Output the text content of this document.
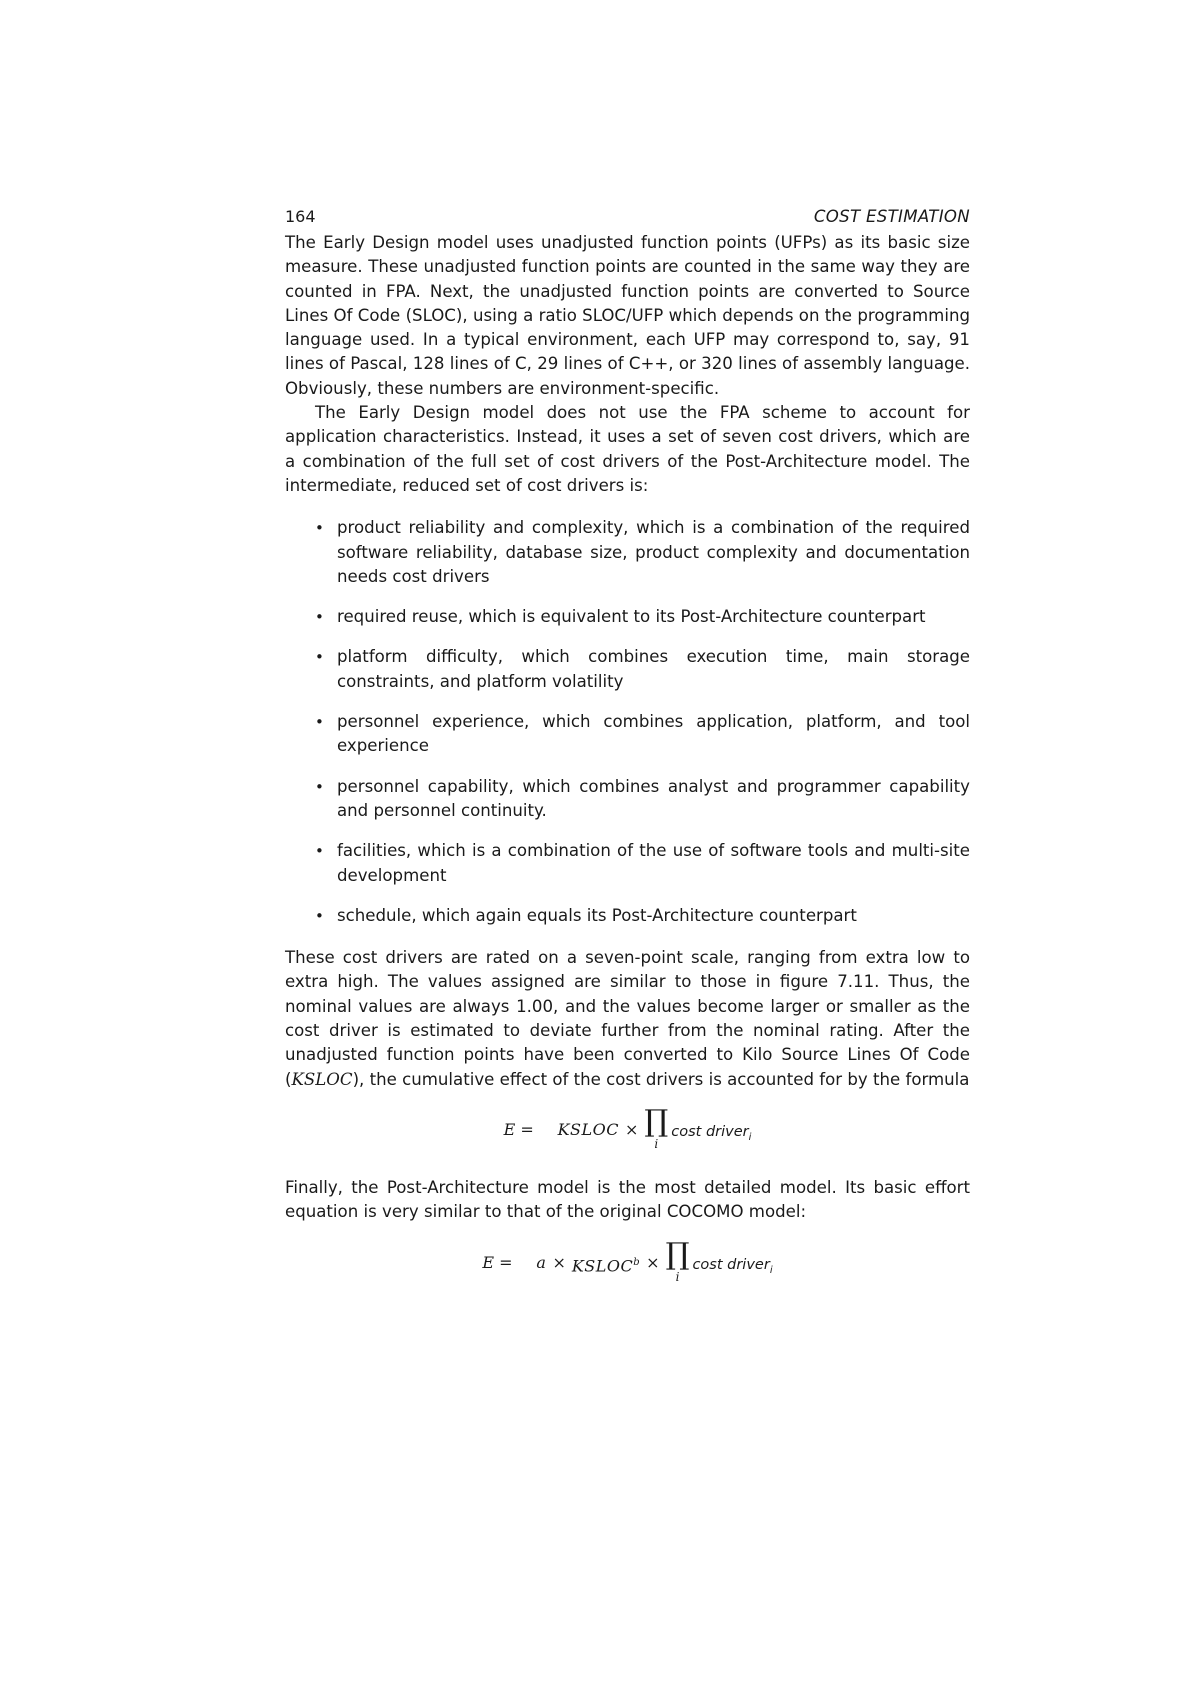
164	COST ESTIMATION

The Early Design model uses unadjusted function points (UFPs) as its basic size measure. These unadjusted function points are counted in the same way they are counted in FPA. Next, the unadjusted function points are converted to Source Lines Of Code (SLOC), using a ratio SLOC/UFP which depends on the programming language used. In a typical environment, each UFP may correspond to, say, 91 lines of Pascal, 128 lines of C, 29 lines of C++, or 320 lines of assembly language. Obviously, these numbers are environment-specific.

The Early Design model does not use the FPA scheme to account for application characteristics. Instead, it uses a set of seven cost drivers, which are a combination of the full set of cost drivers of the Post-Architecture model. The intermediate, reduced set of cost drivers is:

• product reliability and complexity, which is a combination of the required software reliability, database size, product complexity and documentation needs cost drivers
• required reuse, which is equivalent to its Post-Architecture counterpart
• platform difficulty, which combines execution time, main storage constraints, and platform volatility
• personnel experience, which combines application, platform, and tool experience
• personnel capability, which combines analyst and programmer capability and personnel continuity.
• facilities, which is a combination of the use of software tools and multi-site development
• schedule, which again equals its Post-Architecture counterpart

These cost drivers are rated on a seven-point scale, ranging from extra low to extra high. The values assigned are similar to those in figure 7.11. Thus, the nominal values are always 1.00, and the values become larger or smaller as the cost driver is estimated to deviate further from the nominal rating. After the unadjusted function points have been converted to Kilo Source Lines Of Code (KSLOC), the cumulative effect of the cost drivers is accounted for by the formula

E =	KSLOC × ∏
i
cost driver$_i$

Finally, the Post-Architecture model is the most detailed model. Its basic effort equation is very similar to that of the original COCOMO model:

E =	$a \times KSLOC^b$ × ∏
i
cost driver$_i$
